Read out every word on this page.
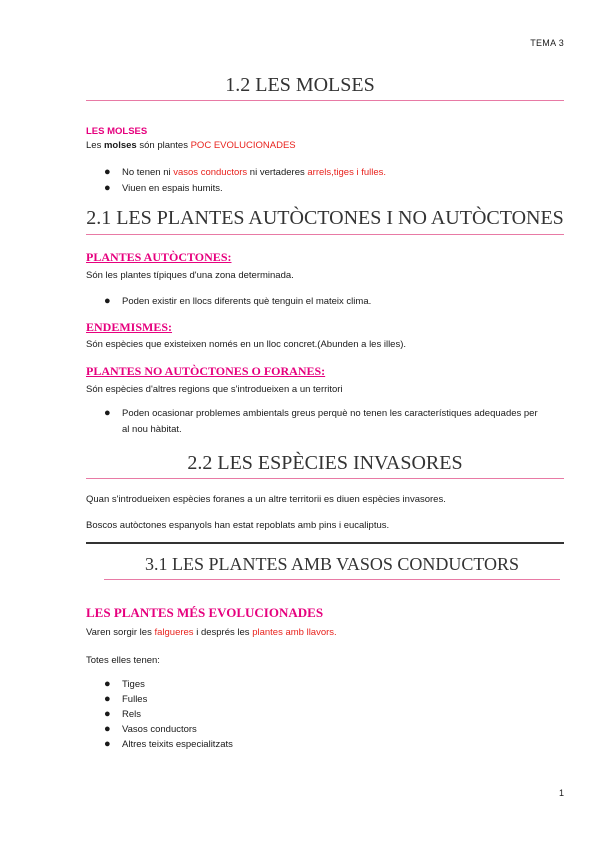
TEMA 3
1.2 LES MOLSES
LES MOLSES
Les molses són plantes POC EVOLUCIONADES
● No tenen ni vasos conductors ni vertaderes arrels,tiges i fulles.
● Viuen en espais humits.
2.1 LES PLANTES AUTÒCTONES I NO AUTÒCTONES
PLANTES AUTÒCTONES:
Són les plantes típiques d'una zona determinada.
● Poden existir en llocs diferents què tenguin el mateix clima.
ENDEMISMES:
Són espècies que existeixen només en un lloc concret.(Abunden a les illes).
PLANTES NO AUTÒCTONES O FORANES:
Són espècies d'altres regions que s'introdueixen a un territori
● Poden ocasionar problemes ambientals greus perquè no tenen les característiques adequades per
al nou hàbitat.
2.2 LES ESPÈCIES INVASORES
Quan s'introdueixen espècies foranes a un altre territorii es diuen espècies invasores.
Boscos autòctones espanyols han estat repoblats amb pins i eucaliptus.
3.1 LES PLANTES AMB VASOS CONDUCTORS
LES PLANTES MÉS EVOLUCIONADES
Varen sorgir les falgueres i després les plantes amb llavors.
Totes elles tenen:
● Tiges
● Fulles
● Rels
● Vasos conductors
● Altres teixits especialitzats
1
